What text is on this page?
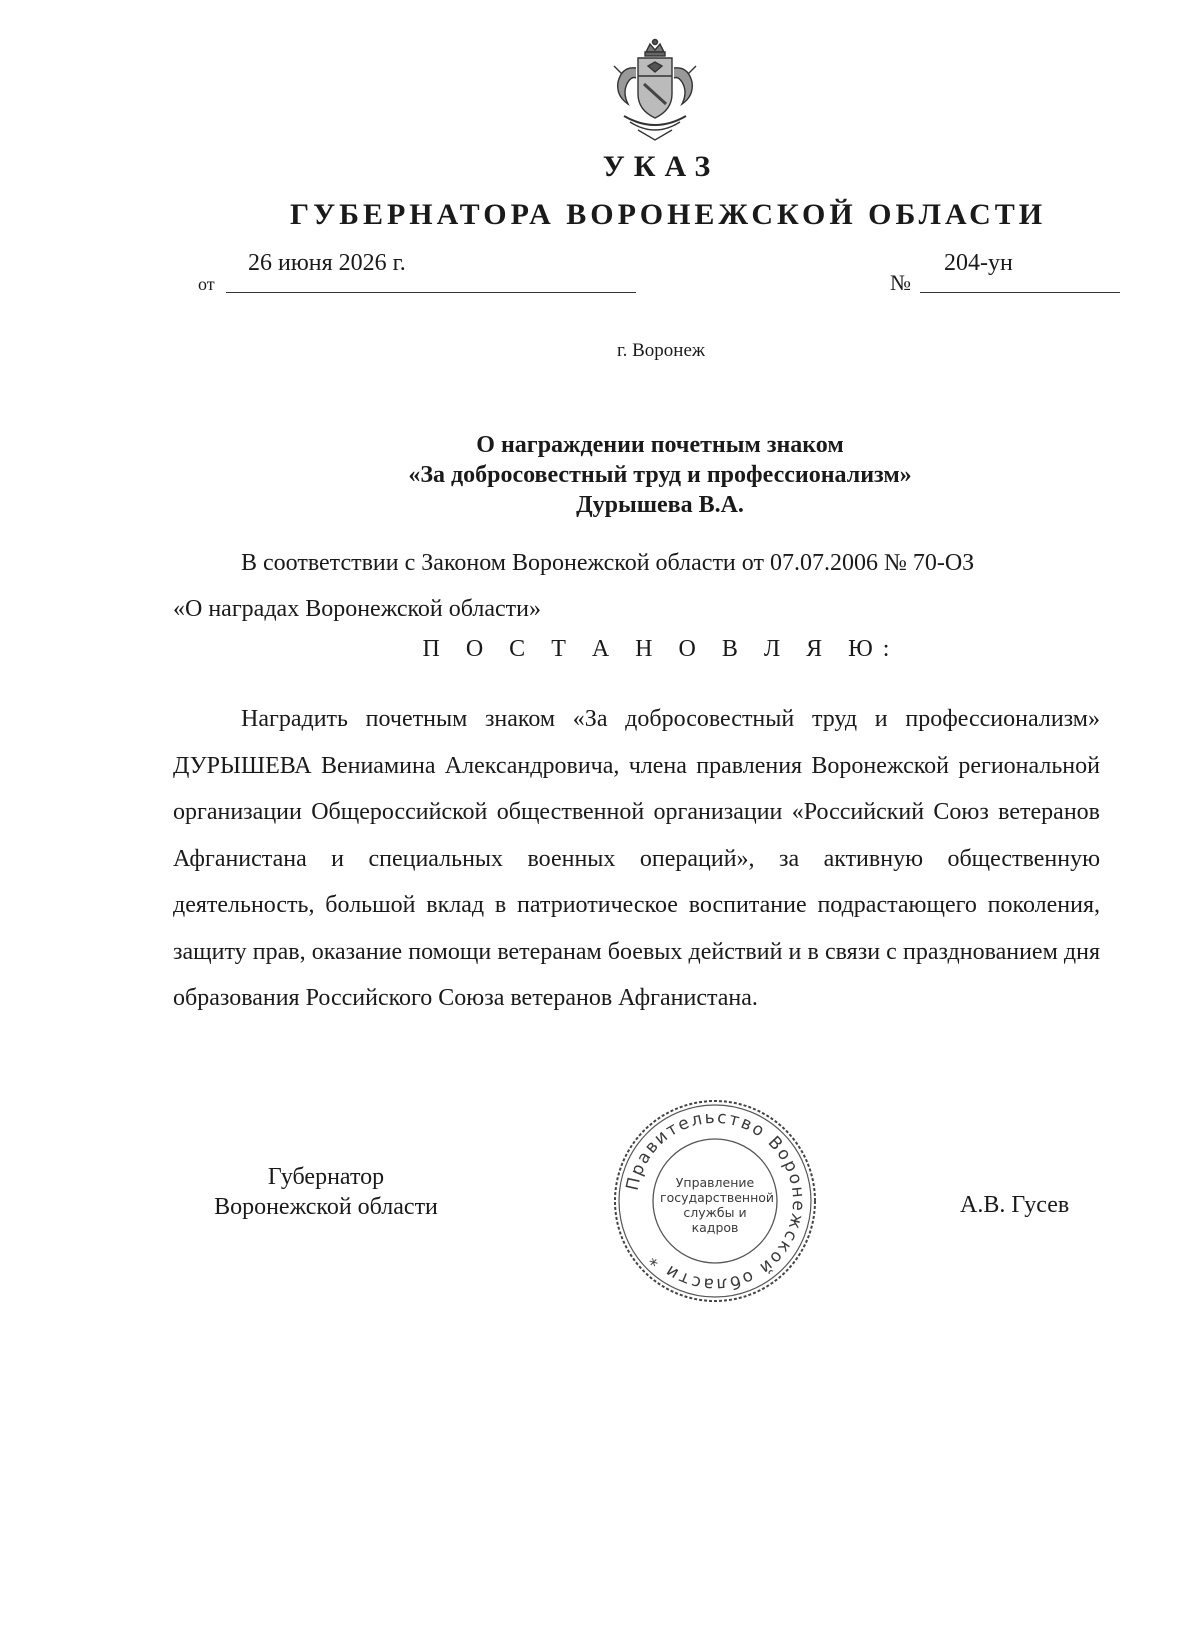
УКАЗ
ГУБЕРНАТОРА ВОРОНЕЖСКОЙ ОБЛАСТИ
от
26 июня 2026 г.
№
204-ун
г. Воронеж
О награждении почетным знаком
«За добросовестный труд и профессионализм»
Дурышева В.А.
В соответствии с Законом Воронежской области от 07.07.2006 № 70-ОЗ
«О наградах Воронежской области»
П О С Т А Н О В Л Я Ю:
Наградить почетным знаком «За добросовестный труд и профессионализм» ДУРЫШЕВА Вениамина Александровича, члена правления Воронежской региональной организации Общероссийской общественной организации «Российский Союз ветеранов Афганистана и специальных военных операций», за активную общественную деятельность, большой вклад в патриотическое воспитание подрастающего поколения, защиту прав, оказание помощи ветеранам боевых действий и в связи с празднованием дня образования Российского Союза ветеранов Афганистана.
Губернатор
Воронежской области
Правительство Воронежской области *
Управление
государственной
службы и кадров
А.В. Гусев
